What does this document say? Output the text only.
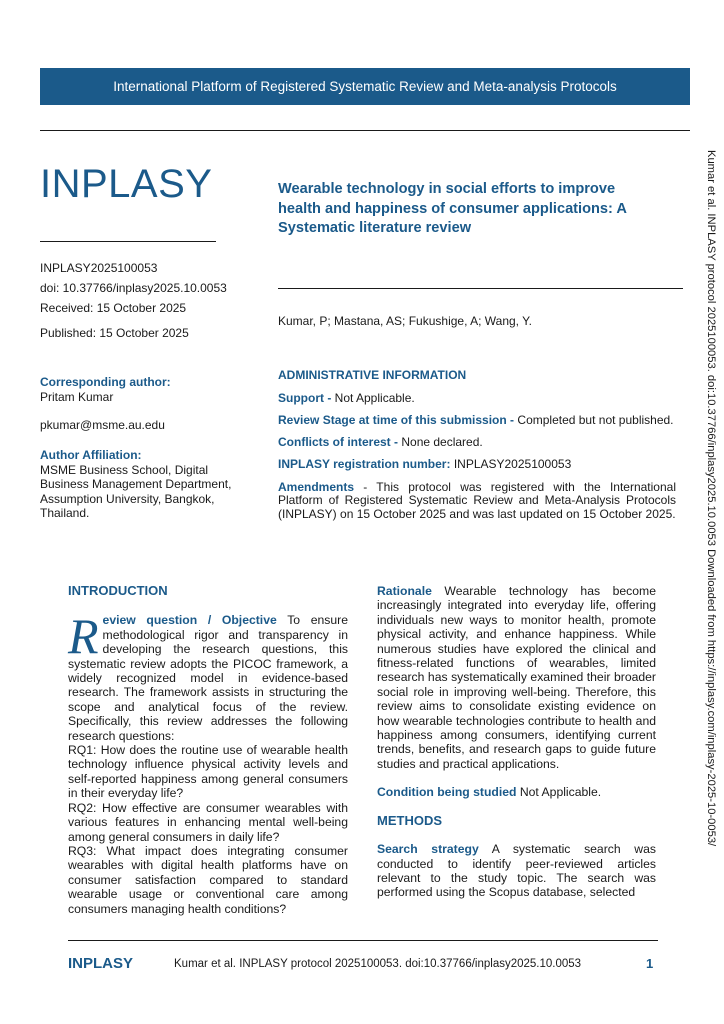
International Platform of Registered Systematic Review and Meta-analysis Protocols
INPLASY	Wearable technology in social efforts to improve health and happiness of consumer applications: A Systematic literature review
INPLASY2025100053
doi: 10.37766/inplasy2025.10.0053
Received: 15 October 2025
Published: 15 October 2025
Kumar, P; Mastana, AS; Fukushige, A; Wang, Y.
Corresponding author:
Pritam Kumar
pkumar@msme.au.edu
Author Affiliation:
MSME Business School, Digital Business Management Department, Assumption University, Bangkok, Thailand.

ADMINISTRATIVE INFORMATION

Support - Not Applicable.

Review Stage at time of this submission - Completed but not published.

Conflicts of interest - None declared.

INPLASY registration number: INPLASY2025100053

Amendments - This protocol was registered with the International Platform of Registered Systematic Review and Meta-Analysis Protocols (INPLASY) on 15 October 2025 and was last updated on 15 October 2025.

INTRODUCTION

Review question / Objective To ensure methodological rigor and transparency in developing the research questions, this systematic review adopts the PICOC framework, a widely recognized model in evidence-based research. The framework assists in structuring the scope and analytical focus of the review. Specifically, this review addresses the following research questions:

RQ1: How does the routine use of wearable health technology influence physical activity levels and self-reported happiness among general consumers in their everyday life?

RQ2: How effective are consumer wearables with various features in enhancing mental well-being among general consumers in daily life?

RQ3: What impact does integrating consumer wearables with digital health platforms have on consumer satisfaction compared to standard wearable usage or conventional care among consumers managing health conditions?

Rationale Wearable technology has become increasingly integrated into everyday life, offering individuals new ways to monitor health, promote physical activity, and enhance happiness. While numerous studies have explored the clinical and fitness-related functions of wearables, limited research has systematically examined their broader social role in improving well-being. Therefore, this review aims to consolidate existing evidence on how wearable technologies contribute to health and happiness among consumers, identifying current trends, benefits, and research gaps to guide future studies and practical applications.

Condition being studied Not Applicable.

METHODS

Search strategy A systematic search was conducted to identify peer-reviewed articles relevant to the study topic. The search was performed using the Scopus database, selected

Kumar et al. INPLASY protocol 2025100053. doi:10.37766/inplasy2025.10.0053 Downloaded from https://inplasy.com/inplasy-2025-10-0053/
INPLASY	Kumar et al. INPLASY protocol 2025100053. doi:10.37766/inplasy2025.10.0053	1
